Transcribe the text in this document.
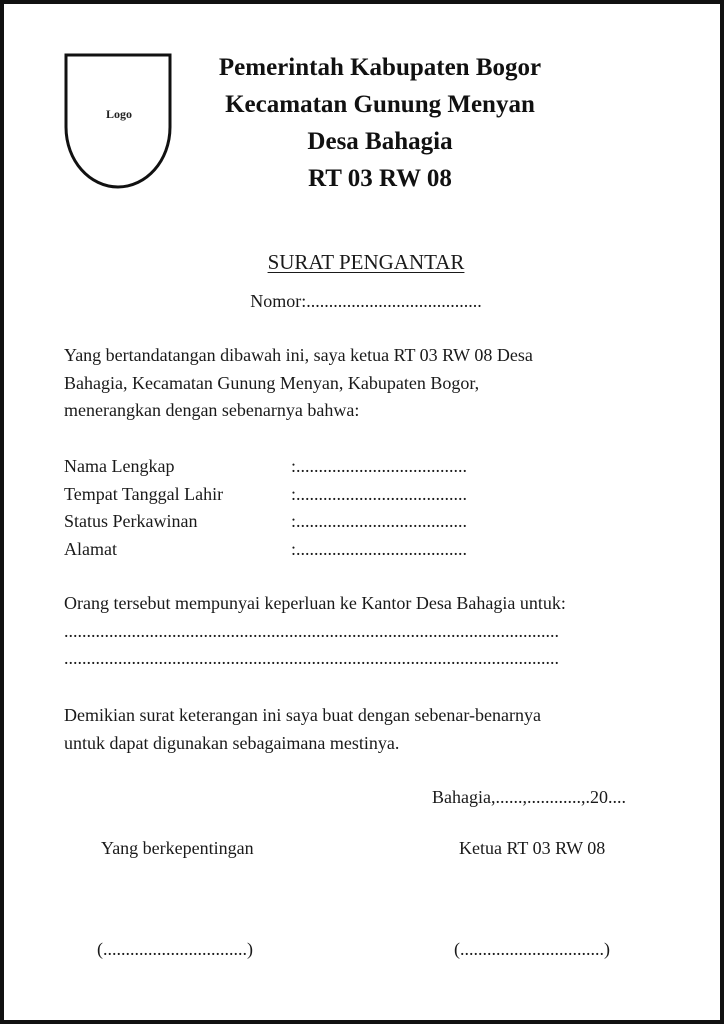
Logo
Pemerintah Kabupaten Bogor
Kecamatan Gunung Menyan
Desa Bahagia
RT 03 RW 08
SURAT PENGANTAR
Nomor:.......................................
Yang bertandatangan dibawah ini, saya ketua RT 03 RW 08 Desa
Bahagia, Kecamatan Gunung Menyan, Kabupaten Bogor,
menerangkan dengan sebenarnya bahwa:
Nama Lengkap	:......................................
Tempat Tanggal Lahir	:......................................
Status Perkawinan	:......................................
Alamat	:......................................
Orang tersebut mempunyai keperluan ke Kantor Desa Bahagia untuk:
..............................................................................................................
..............................................................................................................
Demikian surat keterangan ini saya buat dengan sebenar-benarnya
untuk dapat digunakan sebagaimana mestinya.
Bahagia,......,............,.20....
Yang berkepentingan	Ketua RT 03 RW 08
(................................)	(................................)
